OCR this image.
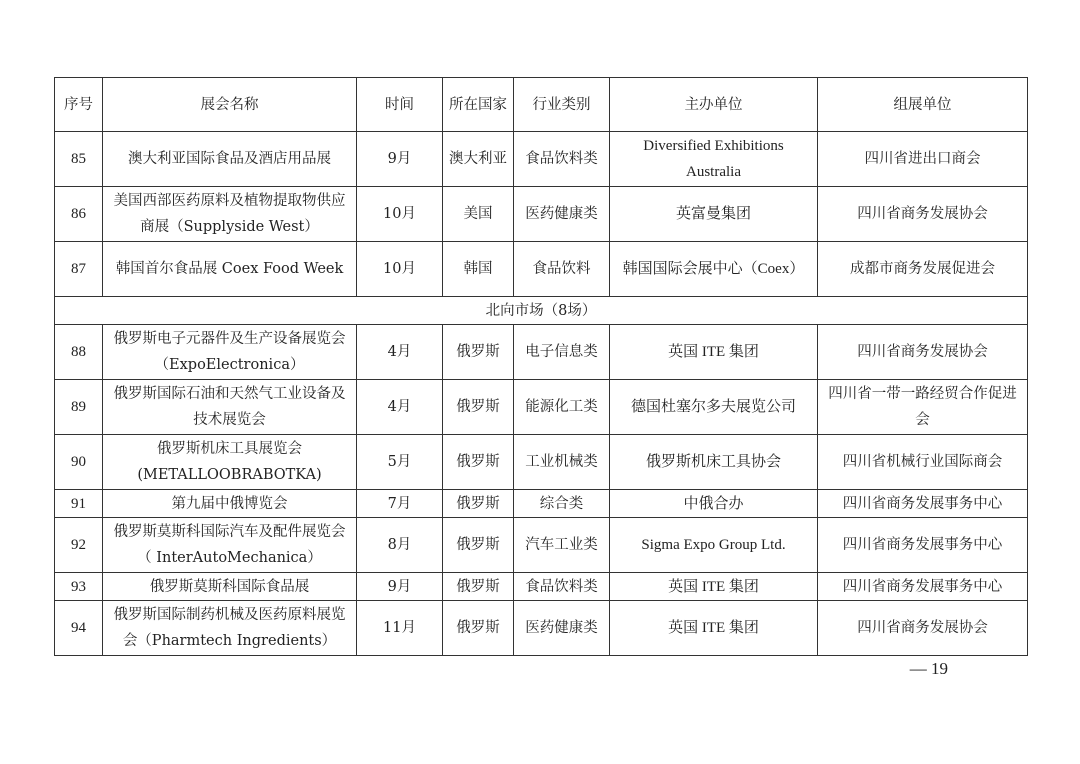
序号	展会名称	时间	所在国家	行业类别	主办单位	组展单位
85	澳大利亚国际食品及酒店用品展	9月	澳大利亚	食品饮料类	Diversified Exhibitions Australia	四川省进出口商会
86	美国西部医药原料及植物提取物供应商展（Supplyside West）	10月	美国	医药健康类	英富曼集团	四川省商务发展协会
87	韩国首尔食品展 Coex Food Week	10月	韩国	食品饮料	韩国国际会展中心（Coex）	成都市商务发展促进会
北向市场（8场）						
88	俄罗斯电子元器件及生产设备展览会（ExpoElectronica）	4月	俄罗斯	电子信息类	英国 ITE 集团	四川省商务发展协会
89	俄罗斯国际石油和天然气工业设备及技术展览会	4月	俄罗斯	能源化工类	德国杜塞尔多夫展览公司	四川省一带一路经贸合作促进会
90	俄罗斯机床工具展览会 (METALLOOBRABOTKA)	5月	俄罗斯	工业机械类	俄罗斯机床工具协会	四川省机械行业国际商会
91	第九届中俄博览会	7月	俄罗斯	综合类	中俄合办	四川省商务发展事务中心
92	俄罗斯莫斯科国际汽车及配件展览会（ InterAutoMechanica）	8月	俄罗斯	汽车工业类	Sigma Expo Group Ltd.	四川省商务发展事务中心
93	俄罗斯莫斯科国际食品展	9月	俄罗斯	食品饮料类	英国 ITE 集团	四川省商务发展事务中心
94	俄罗斯国际制药机械及医药原料展览会（Pharmtech Ingredients）	11月	俄罗斯	医药健康类	英国 ITE 集团	四川省商务发展协会
— 19
